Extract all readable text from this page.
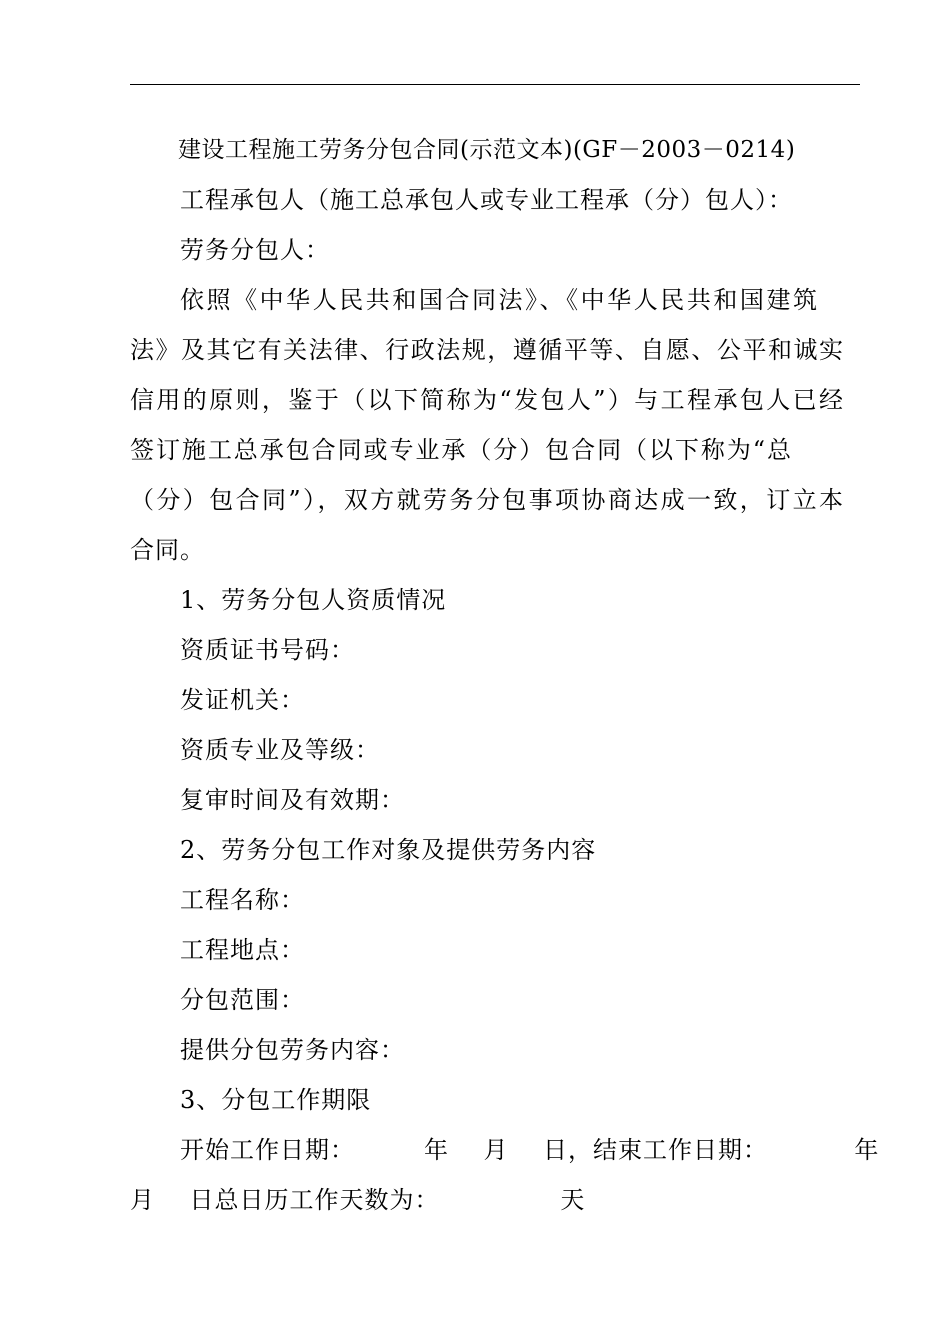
建设工程施工劳务分包合同(示范文本)(GF－2003－0214)
工程承包人（施工总承包人或专业工程承（分）包人）：
劳务分包人：
依照《中华人民共和国合同法》、《中华人民共和国建筑
法》及其它有关法律、行政法规，遵循平等、自愿、公平和诚实
信用的原则，鉴于（以下简称为“发包人”）与工程承包人已经
签订施工总承包合同或专业承（分）包合同（以下称为“总
（分）包合同”），双方就劳务分包事项协商达成一致，订立本
合同。
1、劳务分包人资质情况
资质证书号码：
发证机关：
资质专业及等级：
复审时间及有效期：
2、劳务分包工作对象及提供劳务内容
工程名称：
工程地点：
分包范围：
提供分包劳务内容：
3、分包工作期限
开始工作日期：        年    月    日，结束工作日期：          年
月    日总日历工作天数为：              天
